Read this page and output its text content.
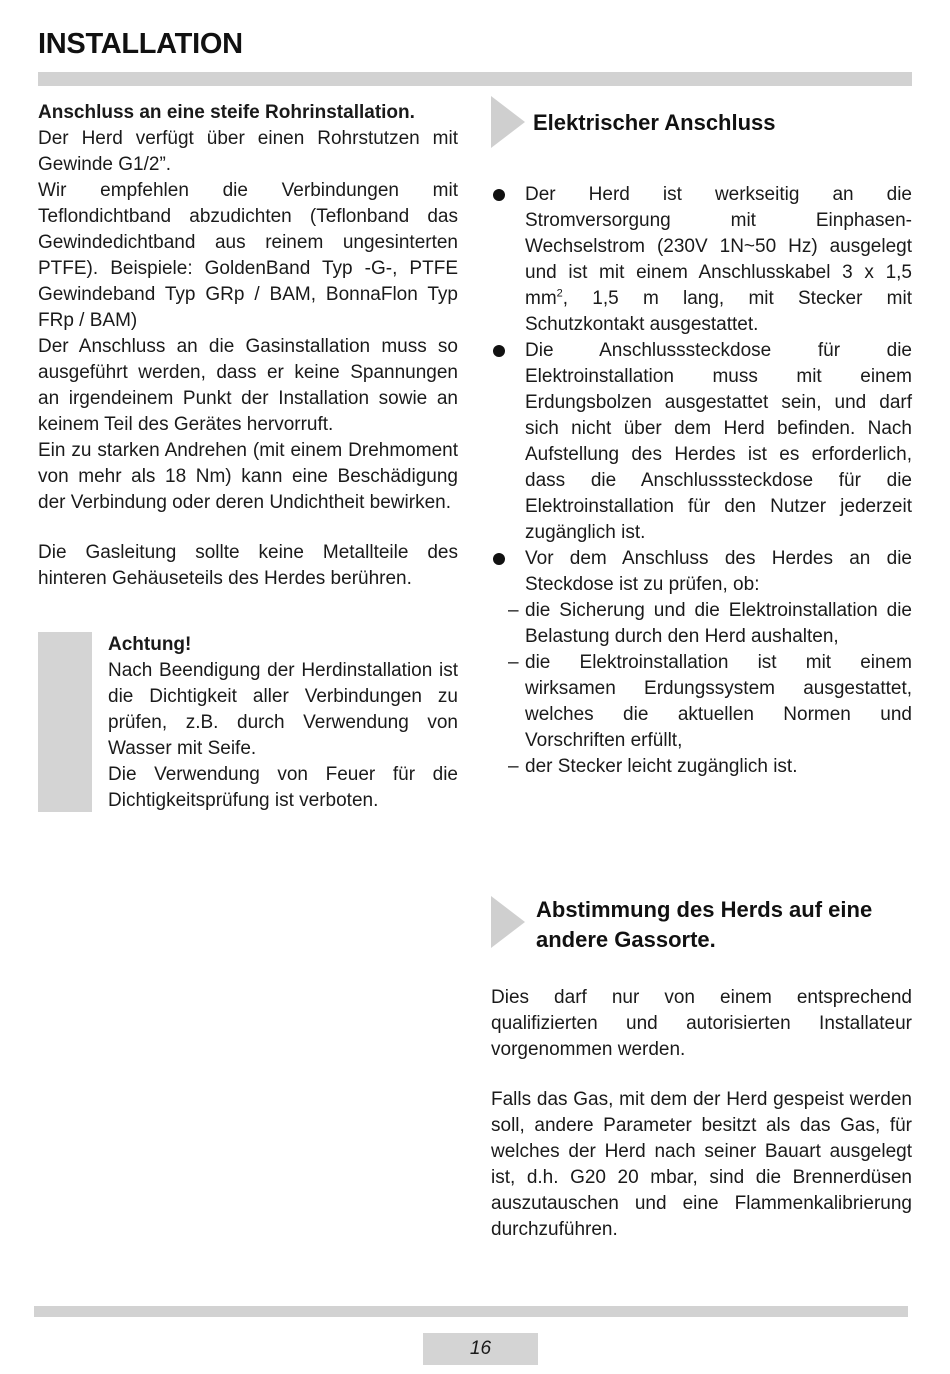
INSTALLATION

Anschluss an eine steife Rohrinstallation.

Der Herd verfügt über einen Rohrstutzen mit Gewinde G1/2”.

Wir empfehlen die Verbindungen mit Teflondichtband abzudichten (Teflonband das Gewindedichtband aus reinem ungesinterten PTFE). Beispiele: GoldenBand Typ -G-, PTFE Gewindeband Typ GRp / BAM, BonnaFlon Typ FRp / BAM)

Der Anschluss an die Gasinstallation muss so ausgeführt werden, dass er keine Spannungen an irgendeinem Punkt der Installation sowie an keinem Teil des Gerätes hervorruft.

Ein zu starken Andrehen (mit einem Drehmoment von mehr als 18 Nm) kann eine Beschädigung der Verbindung oder deren Undichtheit bewirken.

Die Gasleitung sollte keine Metallteile des hinteren Gehäuseteils des Herdes berühren.

Achtung!

Nach Beendigung der Herdinstallation ist die Dichtigkeit aller Verbindungen zu prüfen, z.B. durch Verwendung von Wasser mit Seife.

Die Verwendung von Feuer für die Dichtigkeitsprüfung ist verboten.

Elektrischer Anschluss

Der Herd ist werkseitig an die Stromversorgung mit Einphasen-Wechselstrom (230V 1N~50 Hz) ausgelegt und ist mit einem Anschlusskabel 3 x 1,5 $mm^2$, 1,5 m lang, mit Stecker mit Schutzkontakt ausgestattet.

Die Anschlusssteckdose für die Elektroinstallation muss mit einem Erdungsbolzen ausgestattet sein, und darf sich nicht über dem Herd befinden. Nach Aufstellung des Herdes ist es erforderlich, dass die Anschlusssteckdose für die Elektroinstallation für den Nutzer jederzeit zugänglich ist.

Vor dem Anschluss des Herdes an die Steckdose ist zu prüfen, ob:

– die Sicherung und die Elektroinstallation die Belastung durch den Herd aushalten,

– die Elektroinstallation ist mit einem wirksamen Erdungssystem ausgestattet, welches die aktuellen Normen und Vorschriften erfüllt,

– der Stecker leicht zugänglich ist.

Abstimmung des Herds auf eine andere Gassorte.

Dies darf nur von einem entsprechend qualifizierten und autorisierten Installateur vorgenommen werden.

Falls das Gas, mit dem der Herd gespeist werden soll, andere Parameter besitzt als das Gas, für welches der Herd nach seiner Bauart ausgelegt ist, d.h. G20 20 mbar, sind die Brennerdüsen auszutauschen und eine Flammenkalibrierung durchzuführen.

16
